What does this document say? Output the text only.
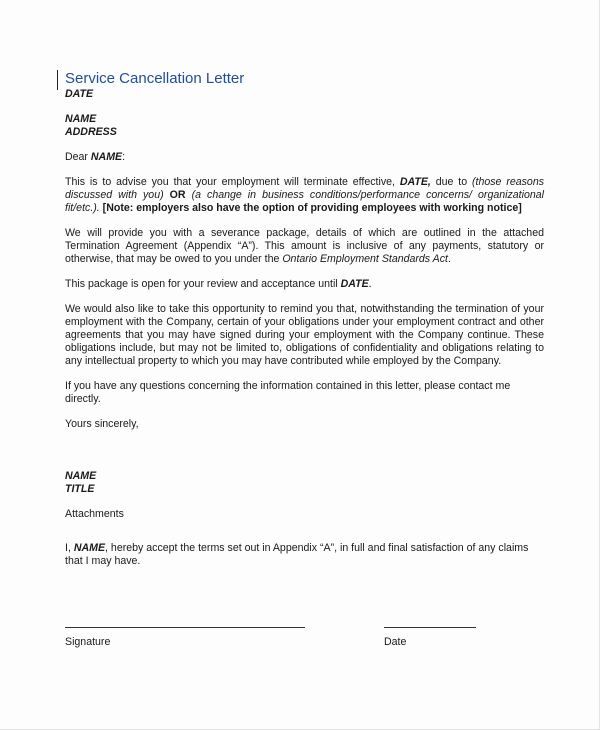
Service Cancellation Letter

DATE

NAME

ADDRESS

Dear NAME:

This is to advise you that your employment will terminate effective, DATE, due to (those reasons discussed with you) OR (a change in business conditions/performance concerns/ organizational fit/etc.). [Note: employers also have the option of providing employees with working notice]

We will provide you with a severance package, details of which are outlined in the attached Termination Agreement (Appendix “A”). This amount is inclusive of any payments, statutory or otherwise, that may be owed to you under the Ontario Employment Standards Act.

This package is open for your review and acceptance until DATE.

We would also like to take this opportunity to remind you that, notwithstanding the termination of your employment with the Company, certain of your obligations under your employment contract and other agreements that you may have signed during your employment with the Company continue. These obligations include, but may not be limited to, obligations of confidentiality and obligations relating to any intellectual property to which you may have contributed while employed by the Company.

If you have any questions concerning the information contained in this letter, please contact me directly.

Yours sincerely,

NAME

TITLE

Attachments

I, NAME, hereby accept the terms set out in Appendix “A”, in full and final satisfaction of any claims that I may have.

Signature	Date
